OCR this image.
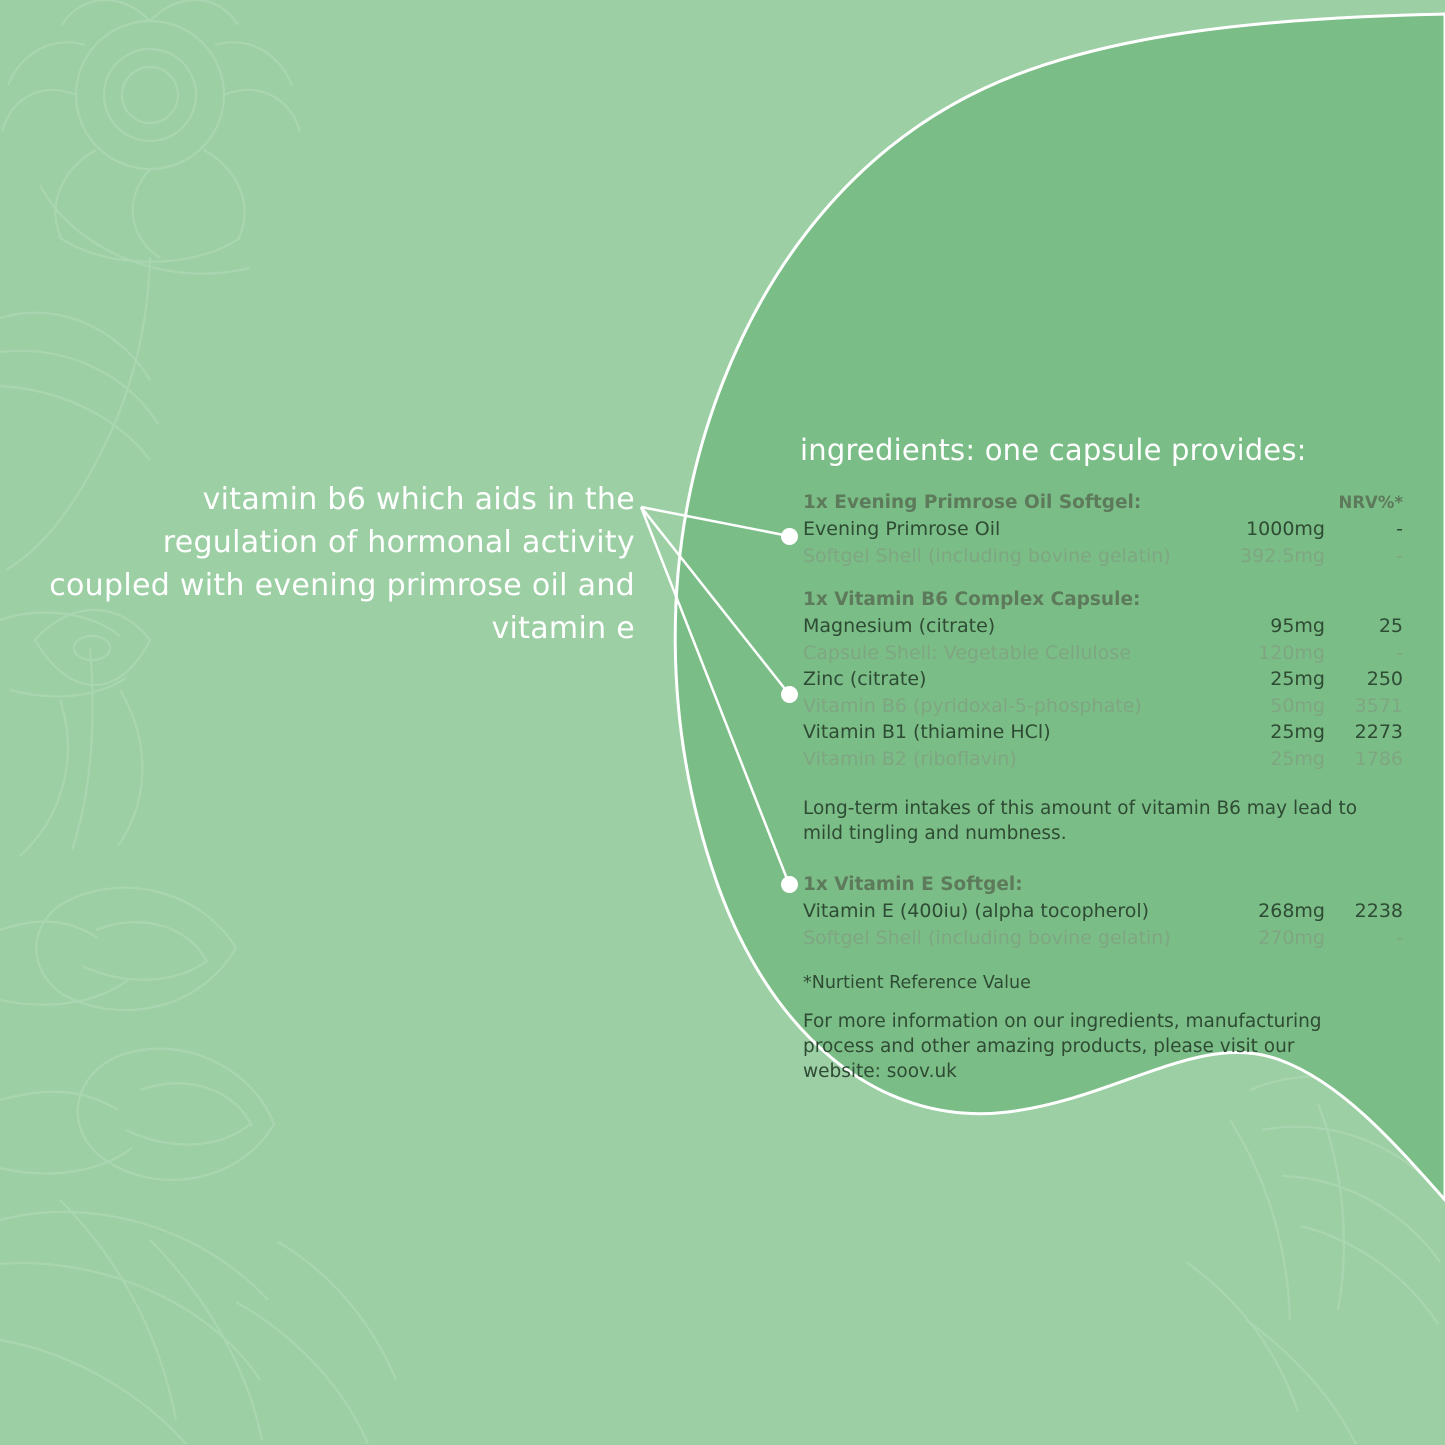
vitamin b6 which aids in the regulation of hormonal activity coupled with evening primrose oil and vitamin e
ingredients: one capsule provides:
1x Evening Primrose Oil Softgel:	NRV%*
Evening Primrose Oil	1000mg	-
Softgel Shell (including bovine gelatin)	392.5mg	-
1x Vitamin B6 Complex Capsule:
Magnesium (citrate)	95mg	25
Capsule Shell: Vegetable Cellulose	120mg	-
Zinc (citrate)	25mg	250
Vitamin B6 (pyridoxal-5-phosphate)	50mg	3571
Vitamin B1 (thiamine HCl)	25mg	2273
Vitamin B2 (riboflavin)	25mg	1786
Long-term intakes of this amount of vitamin B6 may lead to mild tingling and numbness.
1x Vitamin E Softgel:
Vitamin E (400iu) (alpha tocopherol)	268mg	2238
Softgel Shell (including bovine gelatin)	270mg	-
*Nurtient Reference Value
For more information on our ingredients, manufacturing process and other amazing products, please visit our website: soov.uk
